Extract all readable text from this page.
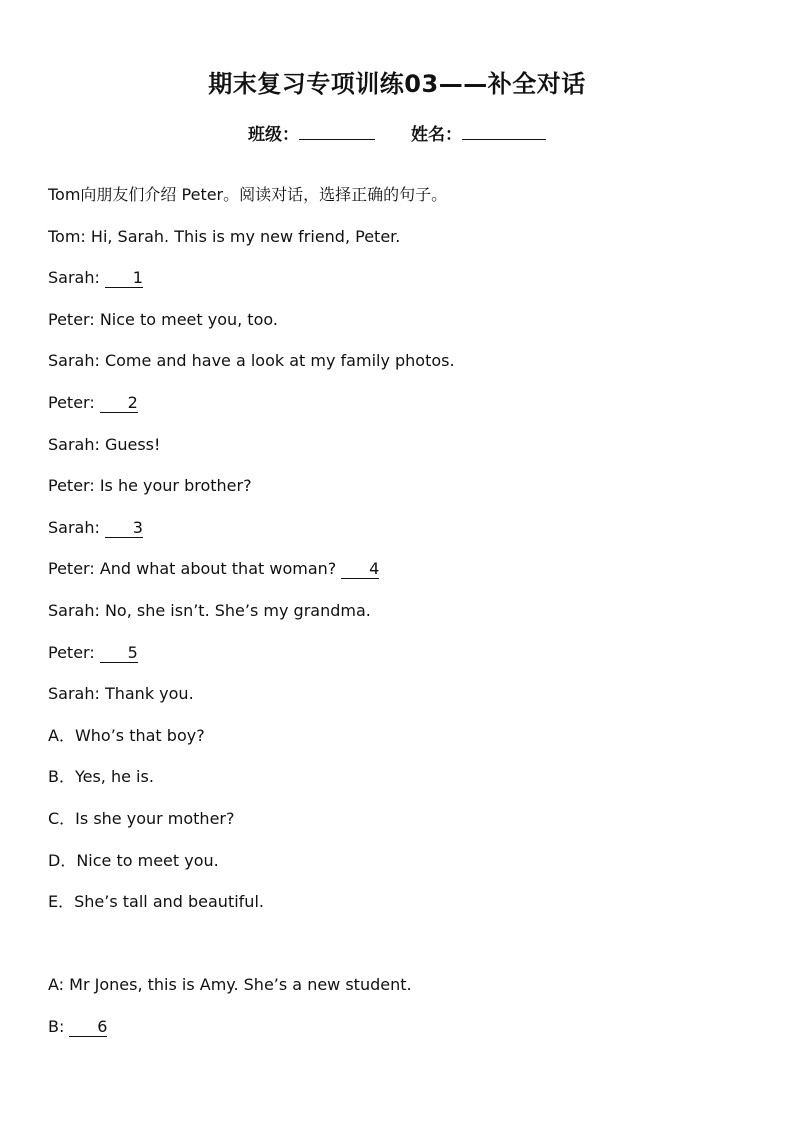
期末复习专项训练03——补全对话
班级：	姓名：
Tom向朋友们介绍 Peter。阅读对话，选择正确的句子。
Tom: Hi, Sarah. This is my new friend, Peter.
Sarah: 1
Peter: Nice to meet you, too.
Sarah: Come and have a look at my family photos.
Peter: 2
Sarah: Guess!
Peter: Is he your brother?
Sarah: 3
Peter: And what about that woman? 4
Sarah: No, she isn’t. She’s my grandma.
Peter: 5
Sarah: Thank you.
A．Who’s that boy?
B．Yes, he is.
C．Is she your mother?
D．Nice to meet you.
E．She’s tall and beautiful.
A: Mr Jones, this is Amy. She’s a new student.
B: 6
